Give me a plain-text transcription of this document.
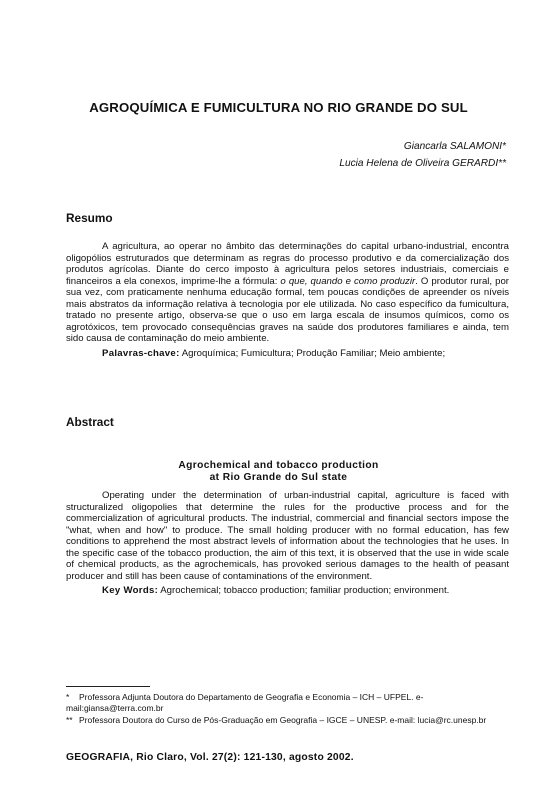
AGROQUÍMICA E FUMICULTURA NO RIO GRANDE DO SUL
Giancarla SALAMONI*
Lucia Helena de Oliveira GERARDI**
Resumo

A agricultura, ao operar no âmbito das determinações do capital urbano-industrial, encontra oligopólios estruturados que determinam as regras do processo produtivo e da comercialização dos produtos agrícolas. Diante do cerco imposto à agricultura pelos setores industriais, comerciais e financeiros a ela conexos, imprime-lhe a fórmula: o que, quando e como produzir. O produtor rural, por sua vez, com praticamente nenhuma educação formal, tem poucas condições de apreender os níveis mais abstratos da informação relativa à tecnologia por ele utilizada. No caso específico da fumicultura, tratado no presente artigo, observa-se que o uso em larga escala de insumos químicos, como os agrotóxicos, tem provocado consequências graves na saúde dos produtores familiares e ainda, tem sido causa de contaminação do meio ambiente.

Palavras-chave: Agroquímica; Fumicultura; Produção Familiar; Meio ambiente;
Abstract
Agrochemical and tobacco production
at Rio Grande do Sul state

Operating under the determination of urban-industrial capital, agriculture is faced with structuralized oligopolies that determine the rules for the productive process and for the commercialization of agricultural products. The industrial, commercial and financial sectors impose the "what, when and how" to produce. The small holding producer with no formal education, has few conditions to apprehend the most abstract levels of information about the technologies that he uses. In the specific case of the tobacco production, the aim of this text, it is observed that the use in wide scale of chemical products, as the agrochemicals, has provoked serious damages to the health of peasant producer and still has been cause of contaminations of the environment.

Key Words: Agrochemical; tobacco production; familiar production; environment.
* Professora Adjunta Doutora do Departamento de Geografia e Economia – ICH – UFPEL. e-mail:giansa@terra.com.br
** Professora Doutora do Curso de Pós-Graduação em Geografia – IGCE – UNESP. e-mail: lucia@rc.unesp.br
GEOGRAFIA, Rio Claro, Vol. 27(2): 121-130, agosto 2002.
